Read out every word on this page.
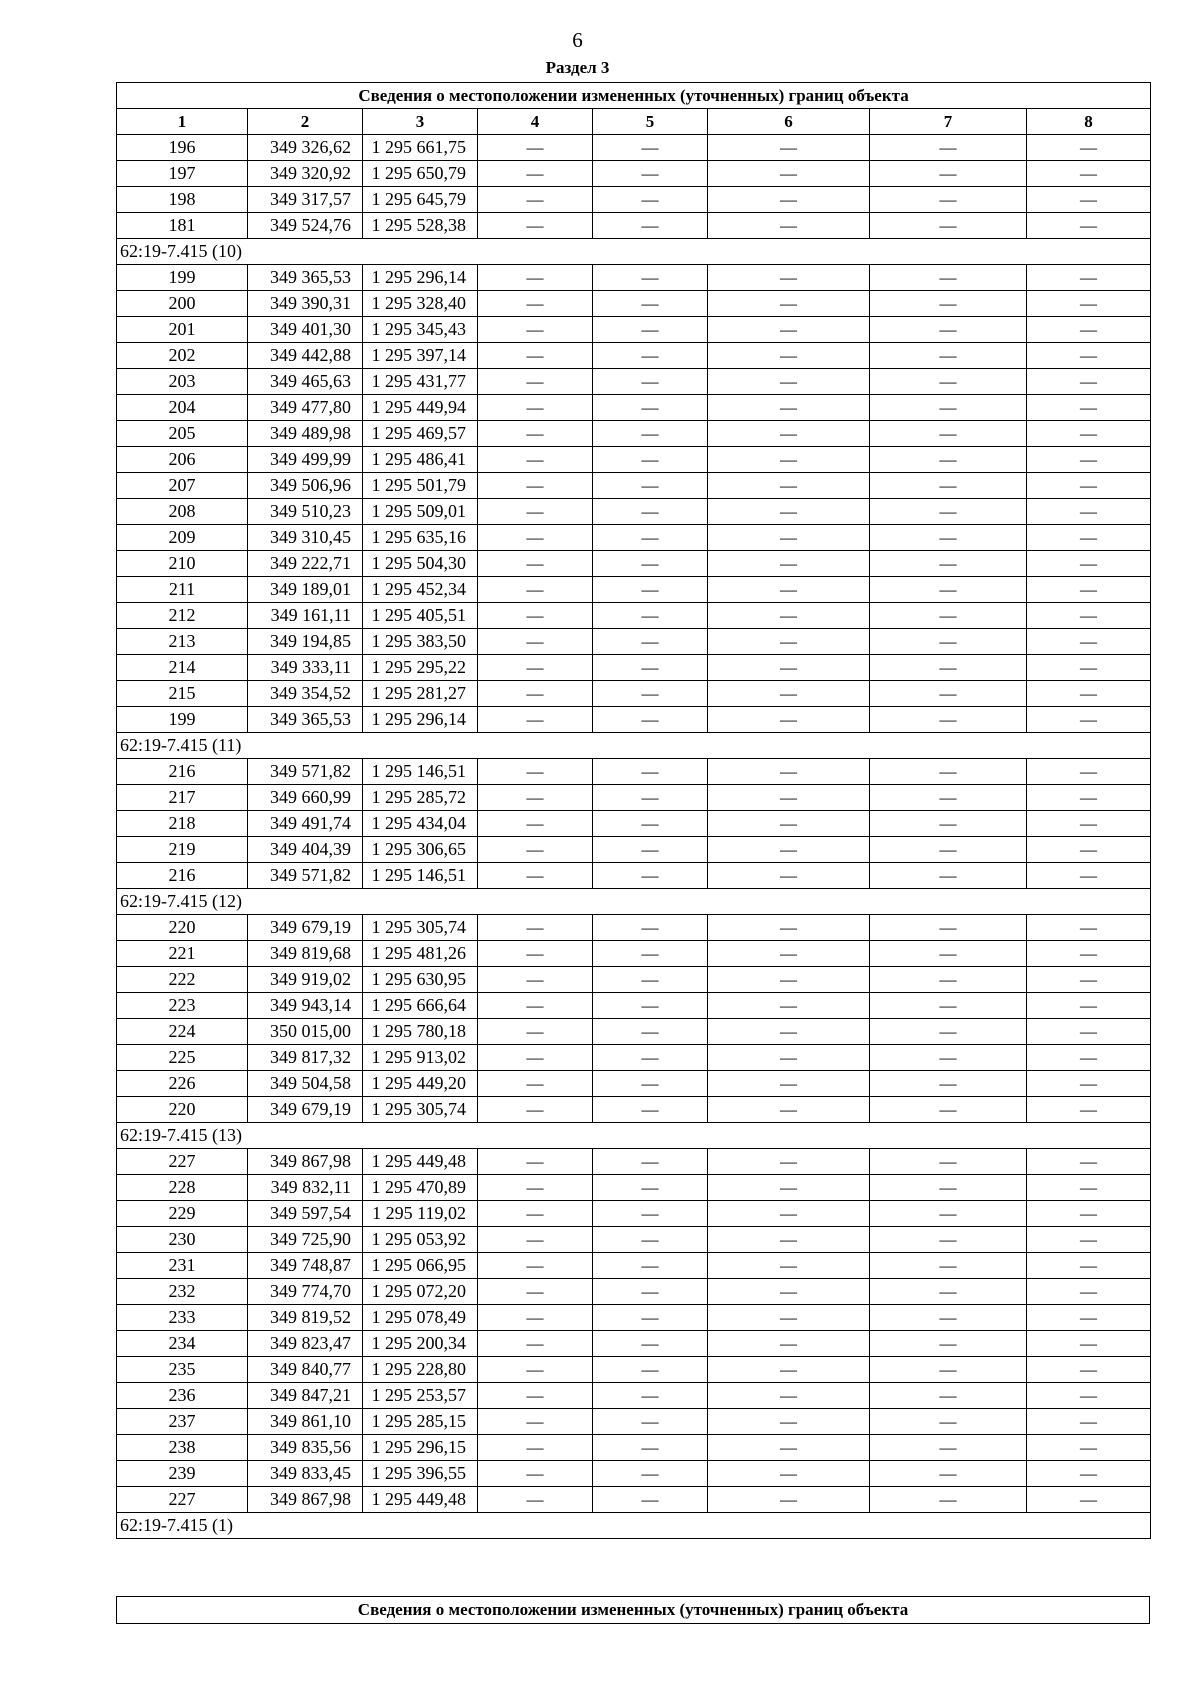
6
Раздел 3
Сведения о местоположении измененных (уточненных) границ объекта							
1	2	3	4	5	6	7	8
196	349 326,62	1 295 661,75	—	—	—	—	—
197	349 320,92	1 295 650,79	—	—	—	—	—
198	349 317,57	1 295 645,79	—	—	—	—	—
181	349 524,76	1 295 528,38	—	—	—	—	—
62:19-7.415 (10)							
199	349 365,53	1 295 296,14	—	—	—	—	—
200	349 390,31	1 295 328,40	—	—	—	—	—
201	349 401,30	1 295 345,43	—	—	—	—	—
202	349 442,88	1 295 397,14	—	—	—	—	—
203	349 465,63	1 295 431,77	—	—	—	—	—
204	349 477,80	1 295 449,94	—	—	—	—	—
205	349 489,98	1 295 469,57	—	—	—	—	—
206	349 499,99	1 295 486,41	—	—	—	—	—
207	349 506,96	1 295 501,79	—	—	—	—	—
208	349 510,23	1 295 509,01	—	—	—	—	—
209	349 310,45	1 295 635,16	—	—	—	—	—
210	349 222,71	1 295 504,30	—	—	—	—	—
211	349 189,01	1 295 452,34	—	—	—	—	—
212	349 161,11	1 295 405,51	—	—	—	—	—
213	349 194,85	1 295 383,50	—	—	—	—	—
214	349 333,11	1 295 295,22	—	—	—	—	—
215	349 354,52	1 295 281,27	—	—	—	—	—
199	349 365,53	1 295 296,14	—	—	—	—	—
62:19-7.415 (11)							
216	349 571,82	1 295 146,51	—	—	—	—	—
217	349 660,99	1 295 285,72	—	—	—	—	—
218	349 491,74	1 295 434,04	—	—	—	—	—
219	349 404,39	1 295 306,65	—	—	—	—	—
216	349 571,82	1 295 146,51	—	—	—	—	—
62:19-7.415 (12)							
220	349 679,19	1 295 305,74	—	—	—	—	—
221	349 819,68	1 295 481,26	—	—	—	—	—
222	349 919,02	1 295 630,95	—	—	—	—	—
223	349 943,14	1 295 666,64	—	—	—	—	—
224	350 015,00	1 295 780,18	—	—	—	—	—
225	349 817,32	1 295 913,02	—	—	—	—	—
226	349 504,58	1 295 449,20	—	—	—	—	—
220	349 679,19	1 295 305,74	—	—	—	—	—
62:19-7.415 (13)							
227	349 867,98	1 295 449,48	—	—	—	—	—
228	349 832,11	1 295 470,89	—	—	—	—	—
229	349 597,54	1 295 119,02	—	—	—	—	—
230	349 725,90	1 295 053,92	—	—	—	—	—
231	349 748,87	1 295 066,95	—	—	—	—	—
232	349 774,70	1 295 072,20	—	—	—	—	—
233	349 819,52	1 295 078,49	—	—	—	—	—
234	349 823,47	1 295 200,34	—	—	—	—	—
235	349 840,77	1 295 228,80	—	—	—	—	—
236	349 847,21	1 295 253,57	—	—	—	—	—
237	349 861,10	1 295 285,15	—	—	—	—	—
238	349 835,56	1 295 296,15	—	—	—	—	—
239	349 833,45	1 295 396,55	—	—	—	—	—
227	349 867,98	1 295 449,48	—	—	—	—	—
62:19-7.415 (1)							
Сведения о местоположении измененных (уточненных) границ объекта
